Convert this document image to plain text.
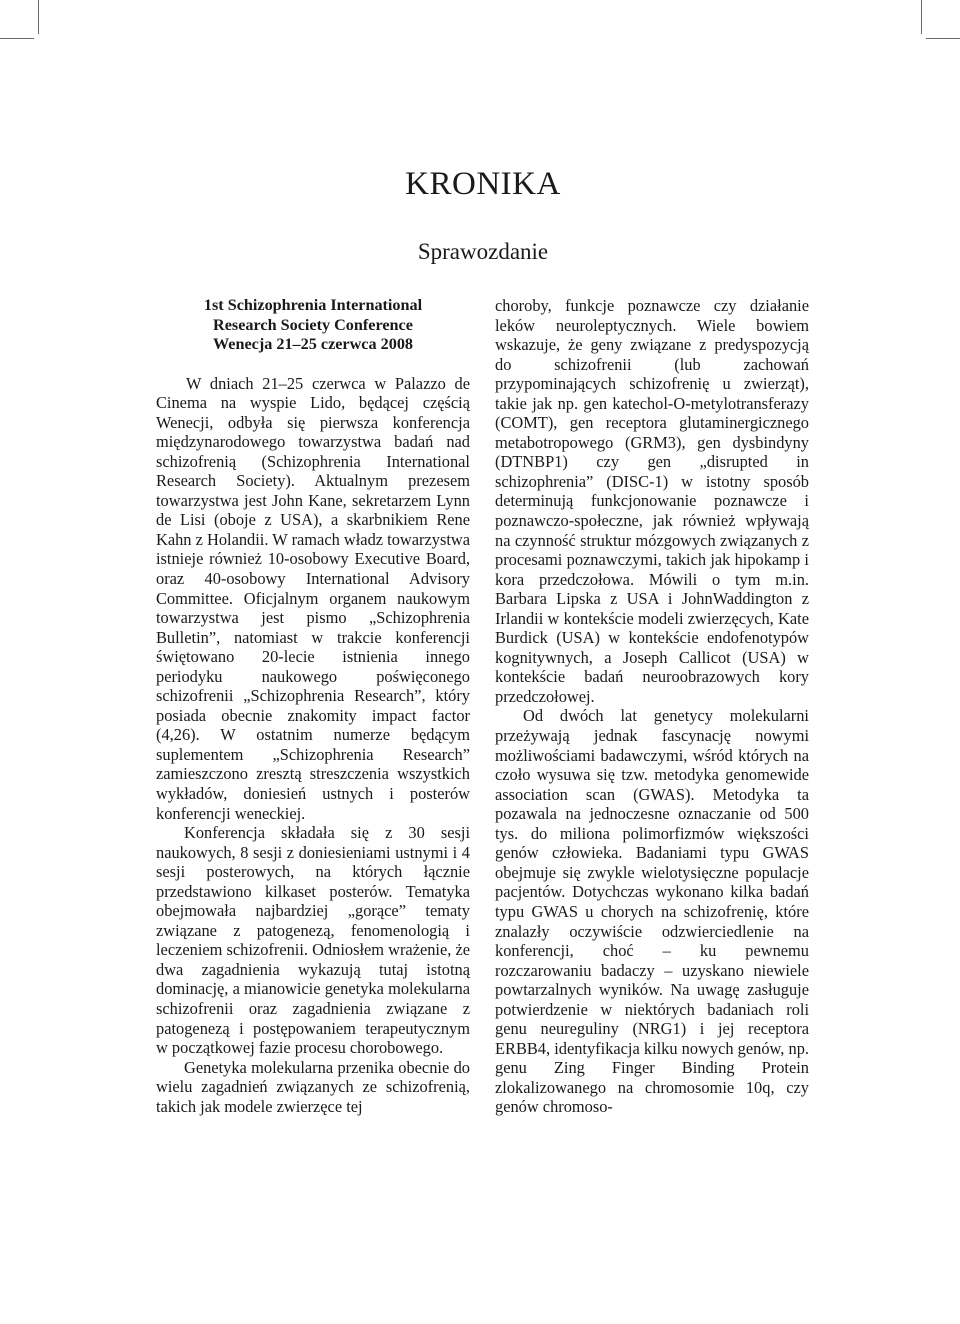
KRONIKA
Sprawozdanie
1st Schizophrenia International
Research Society Conference
Wenecja 21–25 czerwca 2008

W dniach 21–25 czerwca w Palazzo de Cinema na wyspie Lido, będącej częścią Wenecji, odbyła się pierwsza konferencja międzynarodowego towarzystwa badań nad schizofrenią (Schizophrenia International Research Society). Aktualnym prezesem towarzystwa jest John Kane, sekretarzem Lynn de Lisi (oboje z USA), a skarbnikiem Rene Kahn z Holandii. W ramach władz towarzystwa istnieje również 10-osobowy Executive Board, oraz 40-osobowy International Advisory Committee. Oficjalnym organem naukowym towarzystwa jest pismo „Schizophrenia Bulletin”, natomiast w trakcie konferencji świętowano 20-lecie istnienia innego periodyku naukowego poświęconego schizofrenii „Schizophrenia Research”, który posiada obecnie znakomity impact factor (4,26). W ostatnim numerze będącym suplementem „Schizophrenia Research” zamieszczono zresztą streszczenia wszystkich wykładów, doniesień ustnych i posterów konferencji weneckiej.

Konferencja składała się z 30 sesji naukowych, 8 sesji z doniesieniami ustnymi i 4 sesji posterowych, na których łącznie przedstawiono kilkaset posterów. Tematyka obejmowała najbardziej „gorące” tematy związane z patogenezą, fenomenologią i leczeniem schizofrenii. Odniosłem wrażenie, że dwa zagadnienia wykazują tutaj istotną dominację, a mianowicie genetyka molekularna schizofrenii oraz zagadnienia związane z patogenezą i postępowaniem terapeutycznym w początkowej fazie procesu chorobowego.

Genetyka molekularna przenika obecnie do wielu zagadnień związanych ze schizofrenią, takich jak modele zwierzęce tej

choroby, funkcje poznawcze czy działanie leków neuroleptycznych. Wiele bowiem wskazuje, że geny związane z predyspozycją do schizofrenii (lub zachowań przypominających schizofrenię u zwierząt), takie jak np. gen katechol-O-metylotransferazy (COMT), gen receptora glutaminergicznego metabotropowego (GRM3), gen dysbindyny (DTNBP1) czy gen „disrupted in schizophrenia” (DISC-1) w istotny sposób determinują funkcjonowanie poznawcze i poznawczo-społeczne, jak również wpływają na czynność struktur mózgowych związanych z procesami poznawczymi, takich jak hipokamp i kora przedczołowa. Mówili o tym m.in. Barbara Lipska z USA i JohnWaddington z Irlandii w kontekście modeli zwierzęcych, Kate Burdick (USA) w kontekście endofenotypów kognitywnych, a Joseph Callicot (USA) w kontekście badań neuroobrazowych kory przedczołowej.

Od dwóch lat genetycy molekularni przeżywają jednak fascynację nowymi możliwościami badawczymi, wśród których na czoło wysuwa się tzw. metodyka genomewide association scan (GWAS). Metodyka ta pozawala na jednoczesne oznaczanie od 500 tys. do miliona polimorfizmów większości genów człowieka. Badaniami typu GWAS obejmuje się zwykle wielotysięczne populacje pacjentów. Dotychczas wykonano kilka badań typu GWAS u chorych na schizofrenię, które znalazły oczywiście odzwierciedlenie na konferencji, choć – ku pewnemu rozczarowaniu badaczy – uzyskano niewiele powtarzalnych wyników. Na uwagę zasługuje potwierdzenie w niektórych badaniach roli genu neureguliny (NRG1) i jej receptora ERBB4, identyfikacja kilku nowych genów, np. genu Zing Finger Binding Protein zlokalizowanego na chromosomie 10q, czy genów chromoso-
